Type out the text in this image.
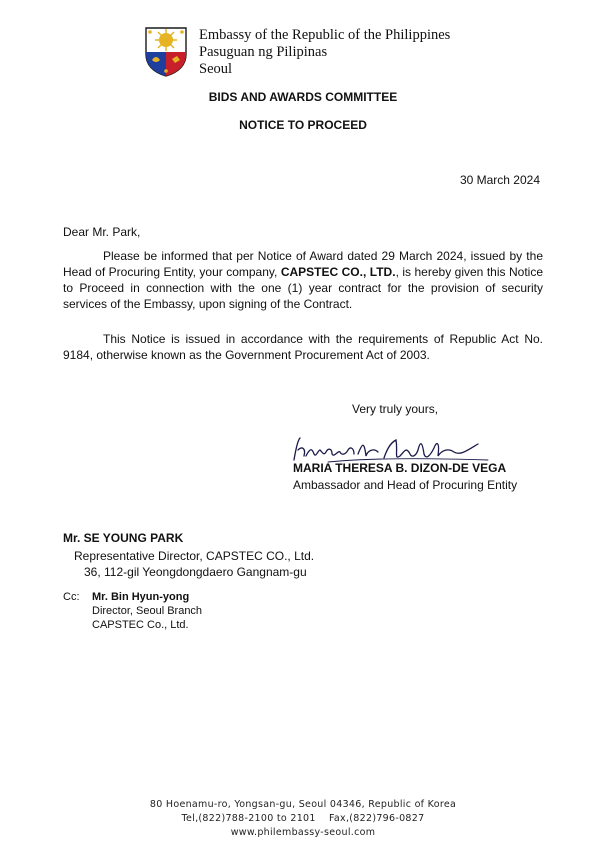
Embassy of the Republic of the Philippines
Pasuguan ng Pilipinas
Seoul
BIDS AND AWARDS COMMITTEE
NOTICE TO PROCEED
30 March 2024
Dear Mr. Park,
Please be informed that per Notice of Award dated 29 March 2024, issued by the Head of Procuring Entity, your company, CAPSTEC CO., LTD., is hereby given this Notice to Proceed in connection with the one (1) year contract for the provision of security services of the Embassy, upon signing of the Contract.
This Notice is issued in accordance with the requirements of Republic Act No. 9184, otherwise known as the Government Procurement Act of 2003.
Very truly yours,
MARIA THERESA B. DIZON-DE VEGA
Ambassador and Head of Procuring Entity
Mr. SE YOUNG PARK
Representative Director, CAPSTEC CO., Ltd.
36, 112-gil Yeongdongdaero Gangnam-gu
Cc: Mr. Bin Hyun-yong
Director, Seoul Branch
CAPSTEC Co., Ltd.
80 Hoenamu-ro, Yongsan-gu, Seoul 04346, Republic of Korea
Tel,(822)788-2100 to 2101    Fax,(822)796-0827
www.philembassy-seoul.com
